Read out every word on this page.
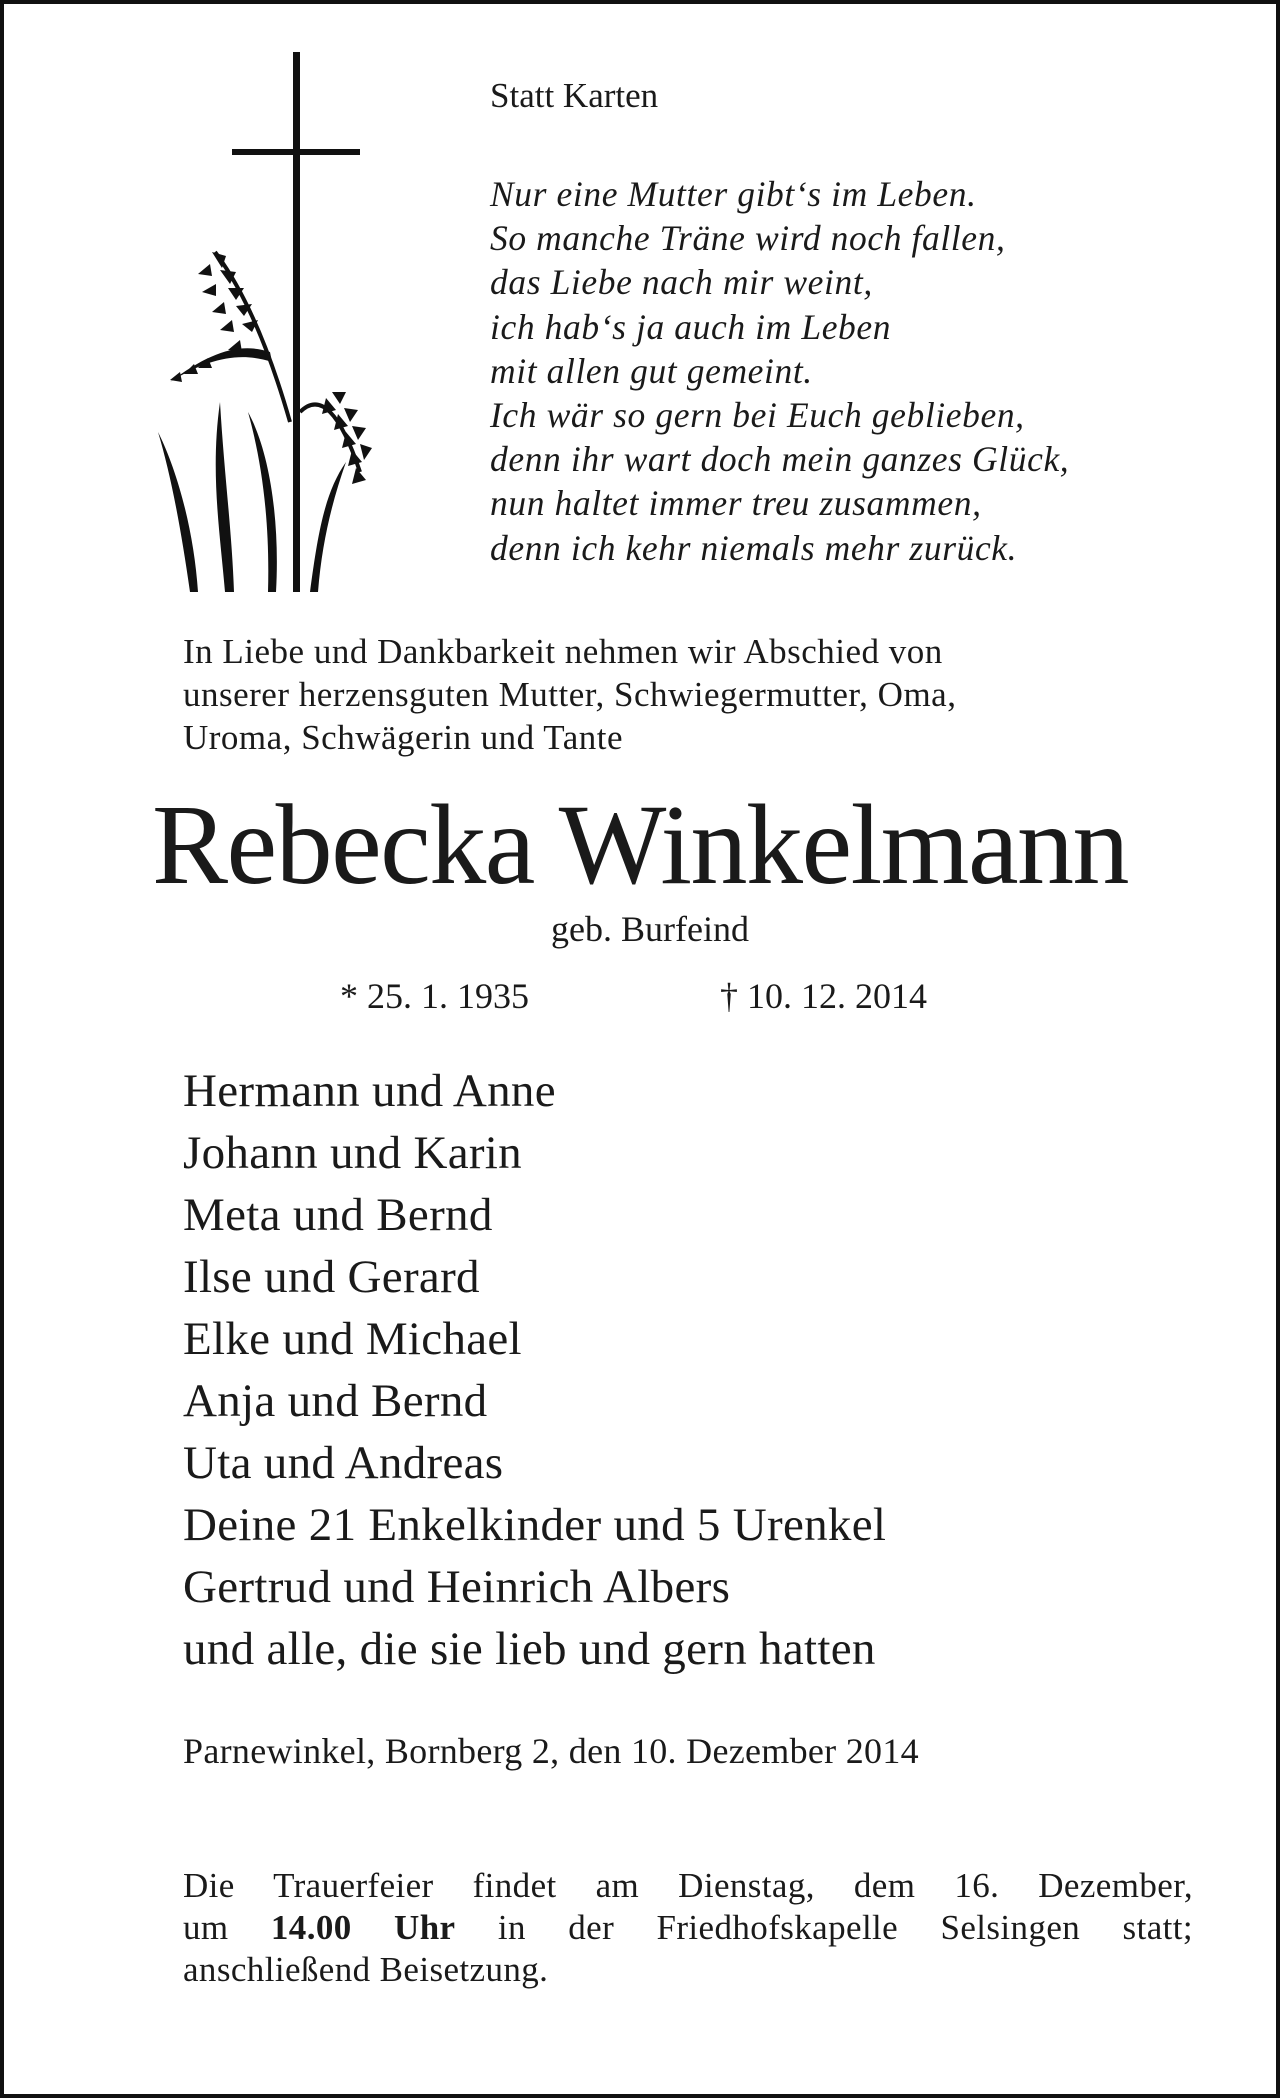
Statt Karten
Nur eine Mutter gibt‘s im Leben.
So manche Träne wird noch fallen,
das Liebe nach mir weint,
ich hab‘s ja auch im Leben
mit allen gut gemeint.
Ich wär so gern bei Euch geblieben,
denn ihr wart doch mein ganzes Glück,
nun haltet immer treu zusammen,
denn ich kehr niemals mehr zurück.
In Liebe und Dankbarkeit nehmen wir Abschied von
unserer herzensguten Mutter, Schwiegermutter, Oma,
Uroma, Schwägerin und Tante
Rebecka Winkelmann
geb. Burfeind
* 25. 1. 1935	† 10. 12. 2014
Hermann und Anne
Johann und Karin
Meta und Bernd
Ilse und Gerard
Elke und Michael
Anja und Bernd
Uta und Andreas
Deine 21 Enkelkinder und 5 Urenkel
Gertrud und Heinrich Albers
und alle, die sie lieb und gern hatten
Parnewinkel, Bornberg 2, den 10. Dezember 2014
Die Trauerfeier findet am Dienstag, dem 16. Dezember,
um 14.00 Uhr in der Friedhofskapelle Selsingen statt;
anschließend Beisetzung.
